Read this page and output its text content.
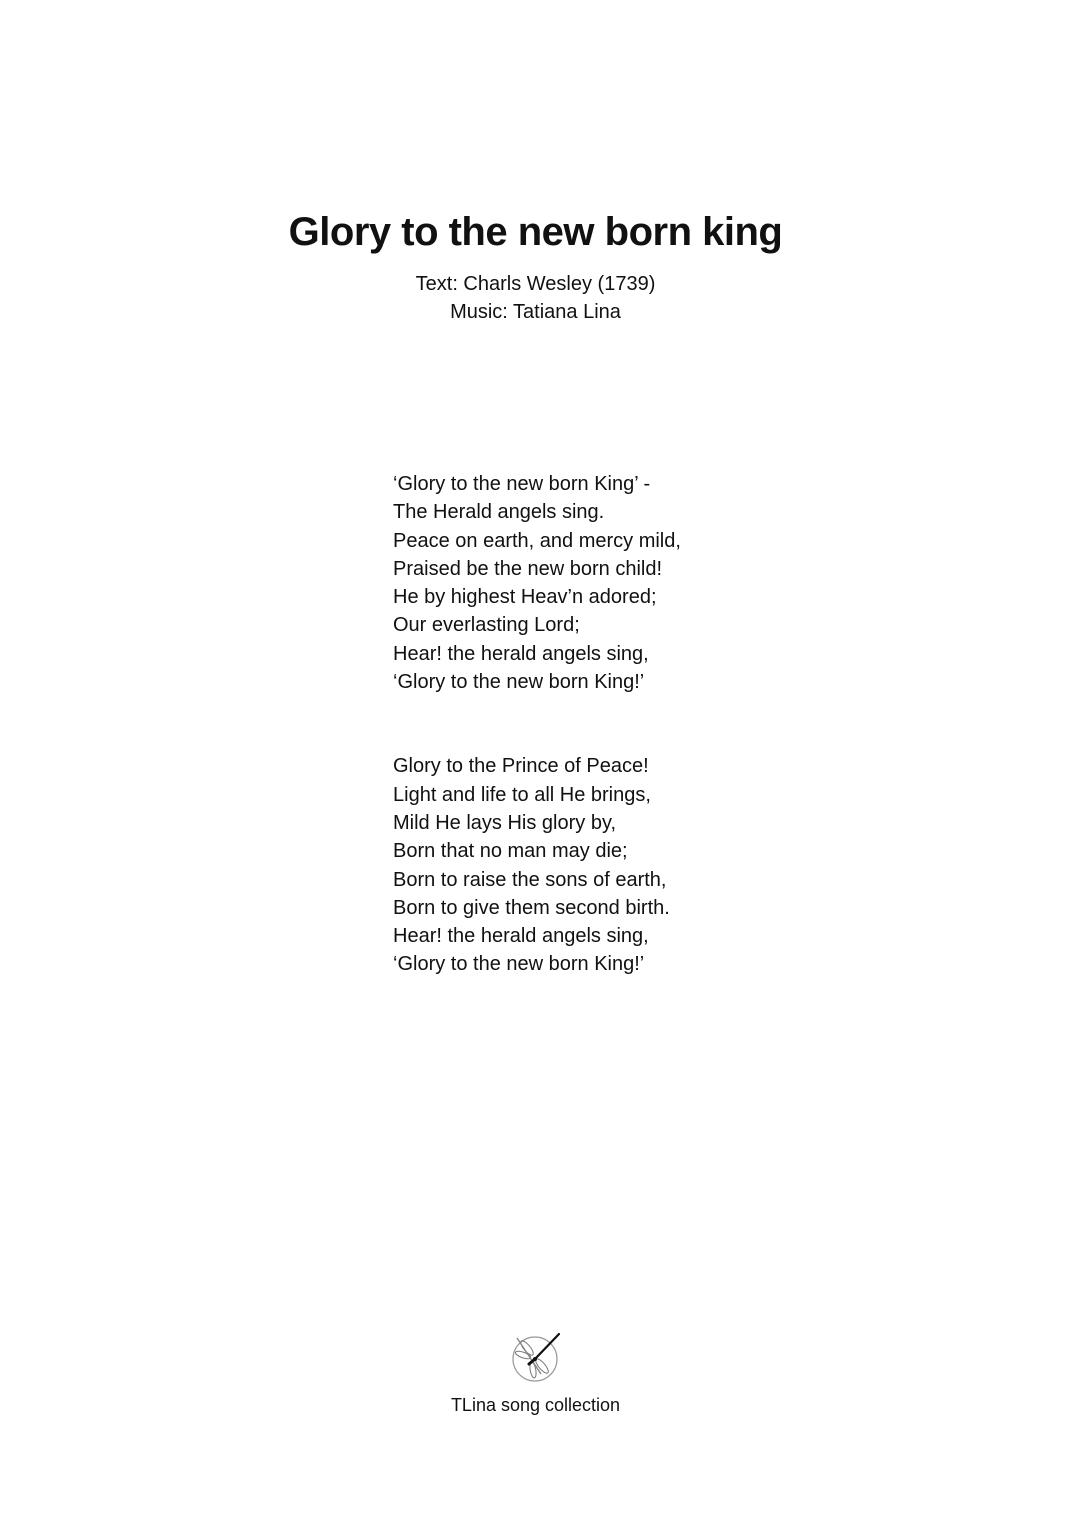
Glory to the new born king
Text: Charls Wesley (1739)
Music: Tatiana Lina
‘Glory to the new born King’ -
The Herald angels sing.
Peace on earth, and mercy mild,
Praised be the new born child!
He by highest Heav’n adored;
Our everlasting Lord;
Hear! the herald angels sing,
‘Glory to the new born King!’
Glory to the Prince of Peace!
Light and life to all He brings,
Mild He lays His glory by,
Born that no man may die;
Born to raise the sons of earth,
Born to give them second birth.
Hear! the herald angels sing,
‘Glory to the new born King!’
TLina song collection
